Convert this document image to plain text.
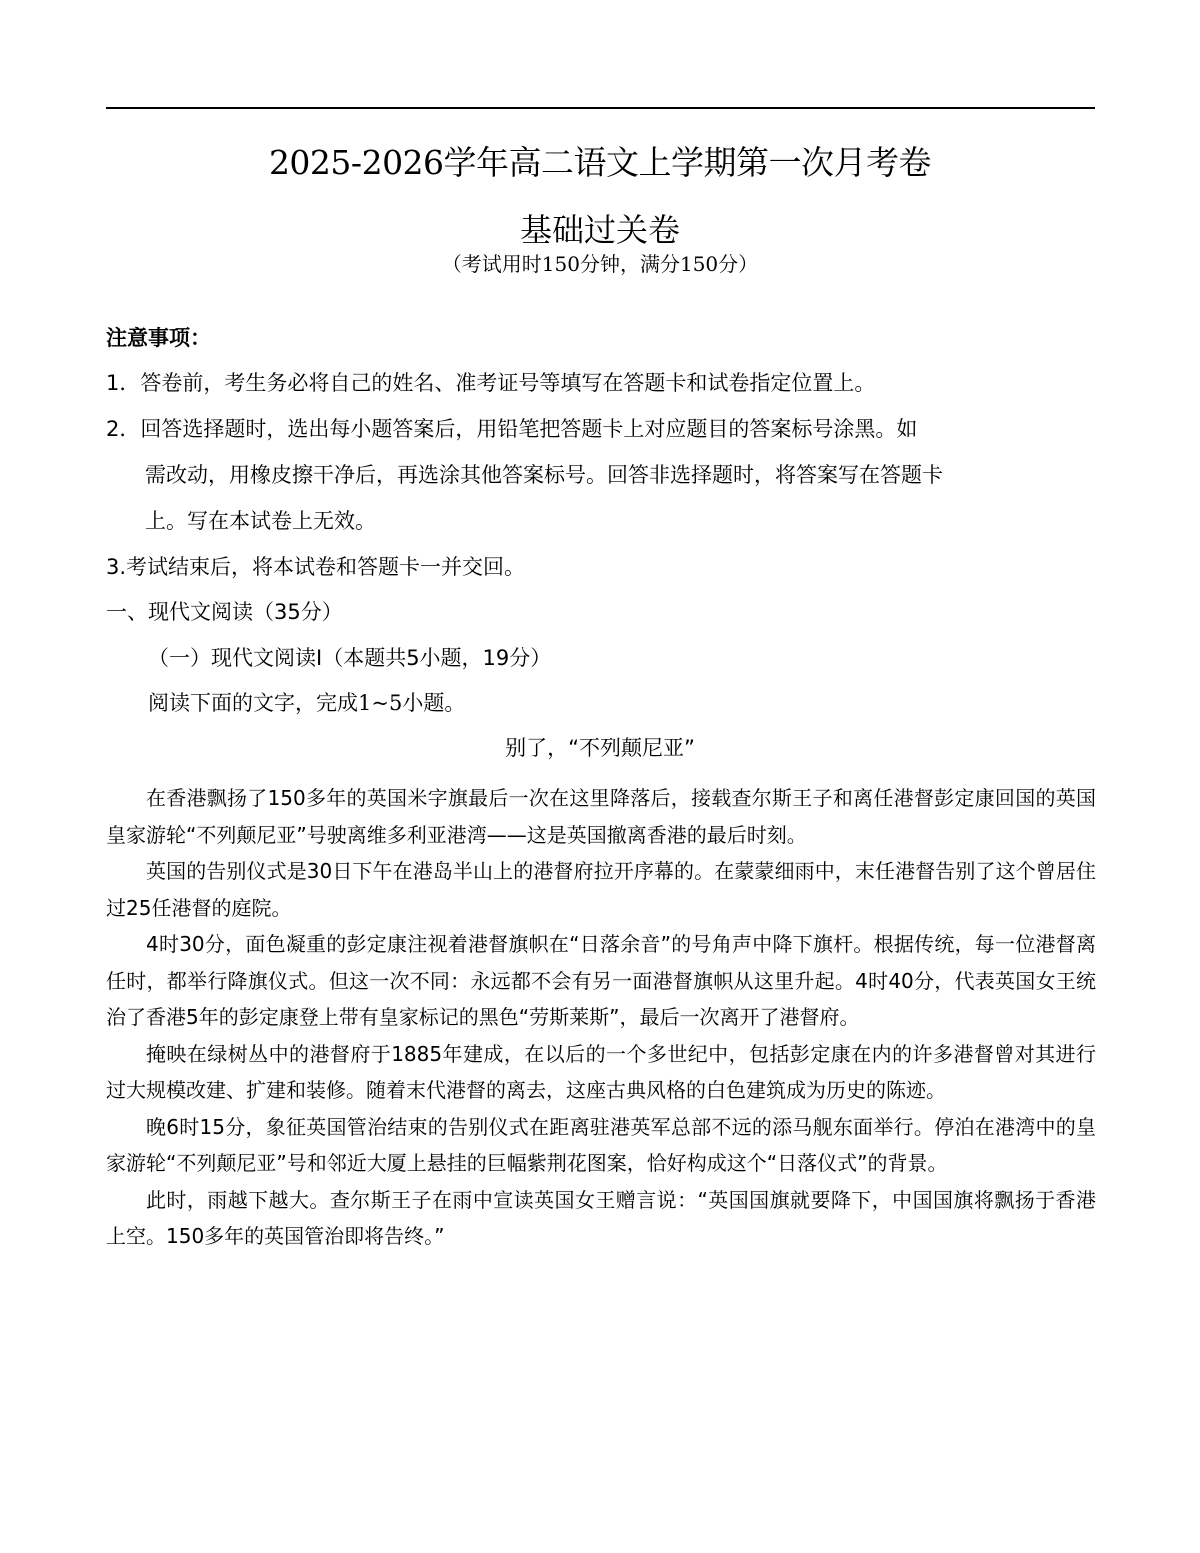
2025-2026学年高二语文上学期第一次月考卷
基础过关卷
（考试用时150分钟，满分150分）
注意事项：
1．答卷前，考生务必将自己的姓名、准考证号等填写在答题卡和试卷指定位置上。
2．回答选择题时，选出每小题答案后，用铅笔把答题卡上对应题目的答案标号涂黑。如
需改动，用橡皮擦干净后，再选涂其他答案标号。回答非选择题时，将答案写在答题卡
上。写在本试卷上无效。
3.考试结束后，将本试卷和答题卡一并交回。
一、现代文阅读（35分）
（一）现代文阅读Ⅰ（本题共5小题，19分）
阅读下面的文字，完成1~5小题。
别了，“不列颠尼亚”

在香港飘扬了150多年的英国米字旗最后一次在这里降落后，接载查尔斯王子和离任港督彭定康回国的英国皇家游轮“不列颠尼亚”号驶离维多利亚港湾——这是英国撤离香港的最后时刻。

英国的告别仪式是30日下午在港岛半山上的港督府拉开序幕的。在蒙蒙细雨中，末任港督告别了这个曾居住过25任港督的庭院。

4时30分，面色凝重的彭定康注视着港督旗帜在“日落余音”的号角声中降下旗杆。根据传统，每一位港督离任时，都举行降旗仪式。但这一次不同：永远都不会有另一面港督旗帜从这里升起。4时40分，代表英国女王统治了香港5年的彭定康登上带有皇家标记的黑色“劳斯莱斯”，最后一次离开了港督府。

掩映在绿树丛中的港督府于1885年建成，在以后的一个多世纪中，包括彭定康在内的许多港督曾对其进行过大规模改建、扩建和装修。随着末代港督的离去，这座古典风格的白色建筑成为历史的陈迹。

晚6时15分，象征英国管治结束的告别仪式在距离驻港英军总部不远的添马舰东面举行。停泊在港湾中的皇家游轮“不列颠尼亚”号和邻近大厦上悬挂的巨幅紫荆花图案，恰好构成这个“日落仪式”的背景。

此时，雨越下越大。查尔斯王子在雨中宣读英国女王赠言说：“英国国旗就要降下，中国国旗将飘扬于香港上空。150多年的英国管治即将告终。”
